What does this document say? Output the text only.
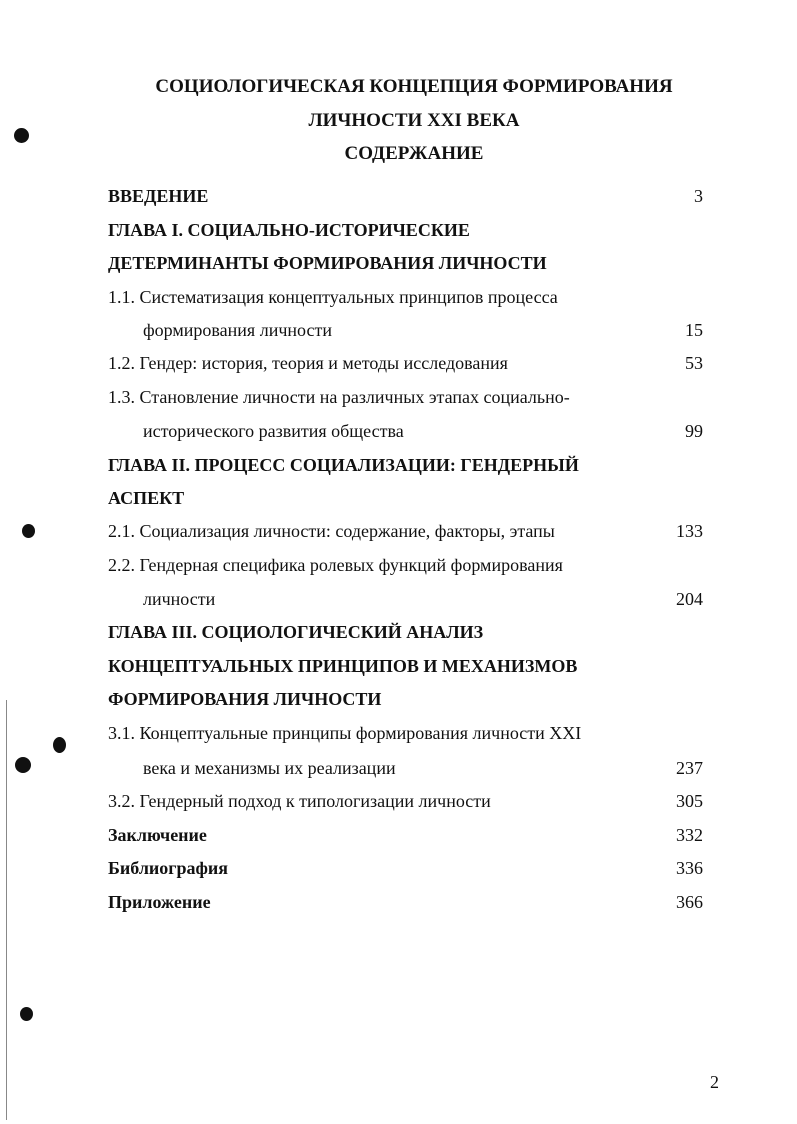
СОЦИОЛОГИЧЕСКАЯ КОНЦЕПЦИЯ ФОРМИРОВАНИЯ
ЛИЧНОСТИ XXI ВЕКА
СОДЕРЖАНИЕ
ВВЕДЕНИЕ	3
ГЛАВА I. СОЦИАЛЬНО-ИСТОРИЧЕСКИЕ
ДЕТЕРМИНАНТЫ ФОРМИРОВАНИЯ ЛИЧНОСТИ
1.1. Систематизация концептуальных принципов процесса
формирования личности	15
1.2. Гендер: история, теория и методы исследования	53
1.3. Становление личности на различных этапах социально-
исторического развития общества	99
ГЛАВА II. ПРОЦЕСС СОЦИАЛИЗАЦИИ: ГЕНДЕРНЫЙ
АСПЕКТ
2.1. Социализация личности: содержание, факторы, этапы	133
2.2. Гендерная специфика ролевых функций формирования
личности	204
ГЛАВА III. СОЦИОЛОГИЧЕСКИЙ АНАЛИЗ
КОНЦЕПТУАЛЬНЫХ ПРИНЦИПОВ И МЕХАНИЗМОВ
ФОРМИРОВАНИЯ ЛИЧНОСТИ
3.1. Концептуальные принципы формирования личности XXI
века и механизмы их реализации	237
3.2. Гендерный подход к типологизации личности	305
Заключение	332
Библиография	336
Приложение	366
2
